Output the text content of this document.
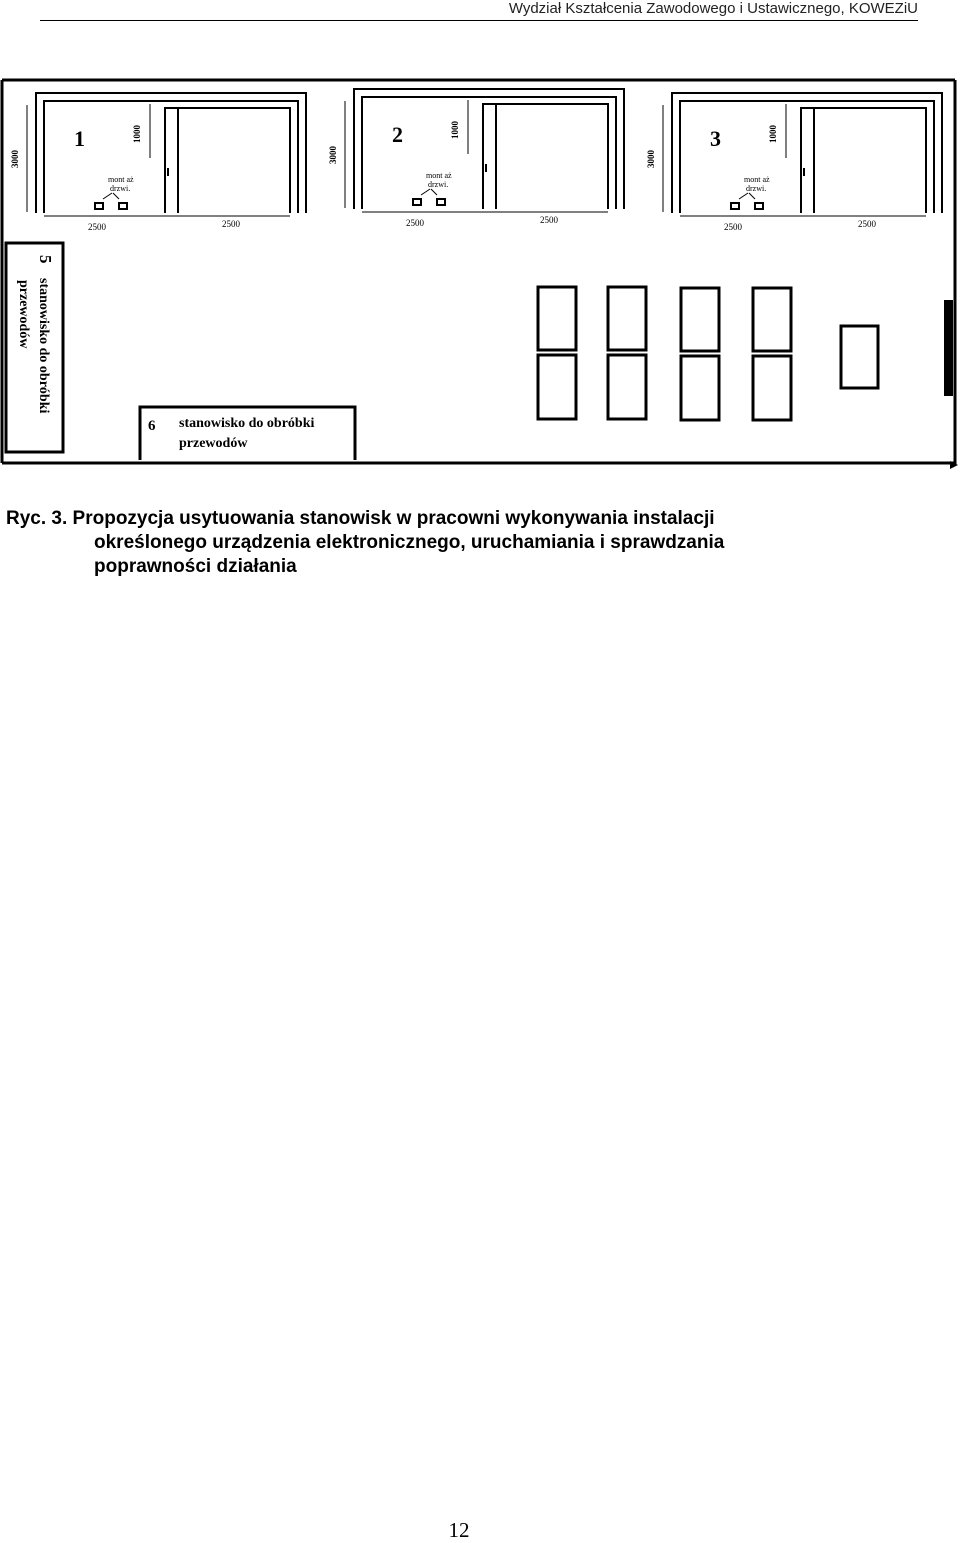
Wydział Kształcenia Zawodowego i Ustawicznego, KOWEZiU
1
mont aż
drzwi.
3000
1000
2500	2500
2
mont aż
drzwi.
3000
1000
2500	2500
3
mont aż
drzwi.
3000
1000
2500	2500
5
stanowisko do obróbki
przewodów
6 stanowisko do obróbki
przewodów
Ryc. 3. Propozycja usytuowania stanowisk w pracowni wykonywania instalacji
określonego urządzenia elektronicznego, uruchamiania i sprawdzania
poprawności działania
12
